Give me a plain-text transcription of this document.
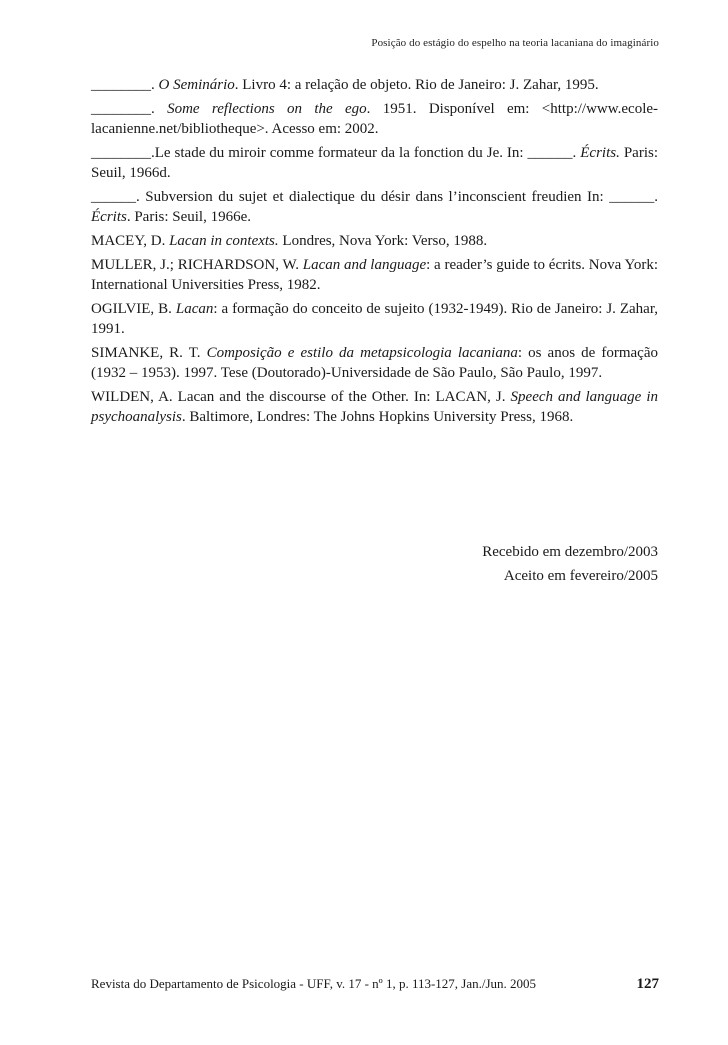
Posição do estágio do espelho na teoria lacaniana do imaginário

________. O Seminário. Livro 4: a relação de objeto. Rio de Janeiro: J. Zahar, 1995.

________. Some reflections on the ego. 1951. Disponível em: <http://www.ecole-lacanienne.net/bibliotheque>. Acesso em: 2002.

________.Le stade du miroir comme formateur da la fonction du Je. In: ______. Écrits. Paris: Seuil, 1966d.

______. Subversion du sujet et dialectique du désir dans l’inconscient freudien In: ______. Écrits. Paris: Seuil, 1966e.

MACEY, D. Lacan in contexts. Londres, Nova York: Verso, 1988.

MULLER, J.; RICHARDSON, W. Lacan and language: a reader’s guide to écrits. Nova York: International Universities Press, 1982.

OGILVIE, B. Lacan: a formação do conceito de sujeito (1932-1949). Rio de Janeiro: J. Zahar, 1991.

SIMANKE, R. T. Composição e estilo da metapsicologia lacaniana: os anos de formação (1932 – 1953). 1997. Tese (Doutorado)-Universidade de São Paulo, São Paulo, 1997.

WILDEN, A. Lacan and the discourse of the Other. In: LACAN, J. Speech and language in psychoanalysis. Baltimore, Londres: The Johns Hopkins University Press, 1968.

Recebido em dezembro/2003
Aceito em fevereiro/2005
Revista do Departamento de Psicologia - UFF, v. 17 - nº 1, p. 113-127, Jan./Jun. 2005	127
